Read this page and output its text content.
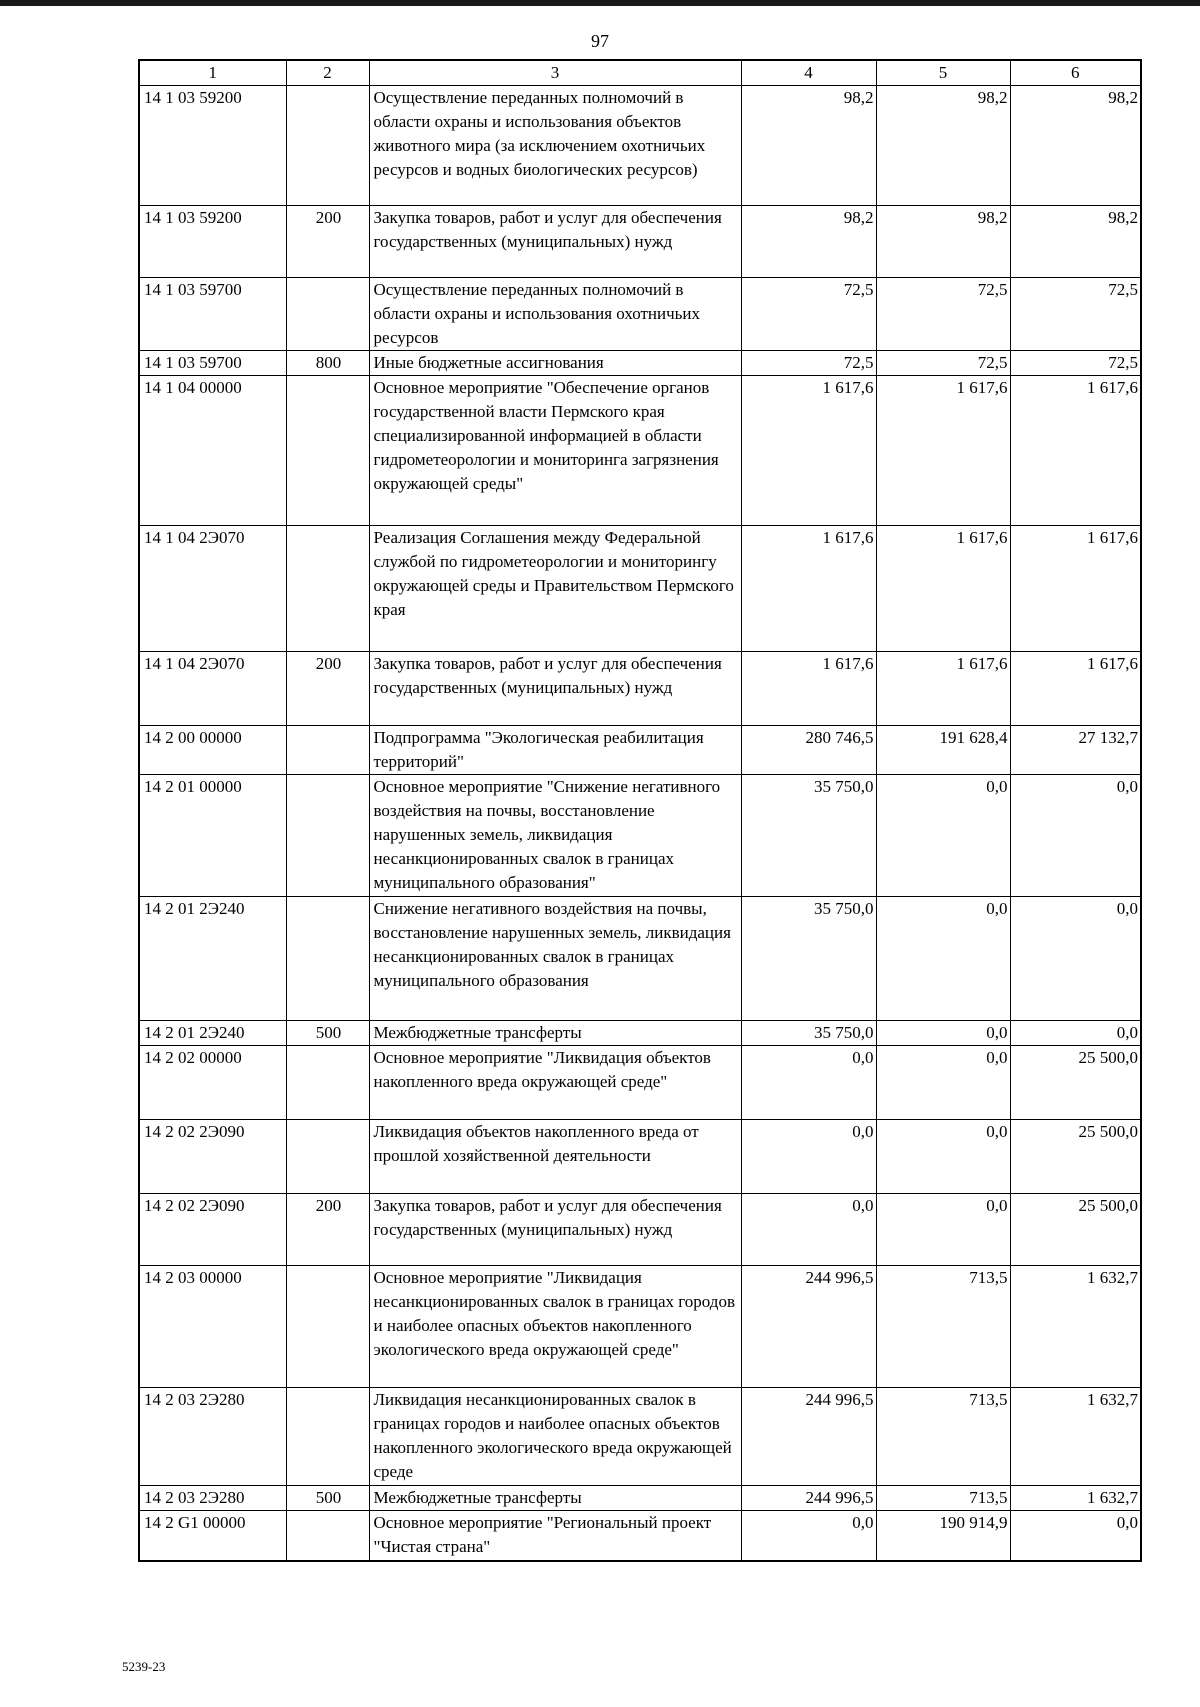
97
1	2	3	4	5	6
14 1 03 59200		Осуществление переданных полномочий в области охраны и использования объектов животного мира (за исключением охотничьих ресурсов и водных биологических ресурсов)	98,2	98,2	98,2
14 1 03 59200	200	Закупка товаров, работ и услуг для обеспечения государственных (муниципальных) нужд	98,2	98,2	98,2
14 1 03 59700		Осуществление переданных полномочий в области охраны и использования охотничьих ресурсов	72,5	72,5	72,5
14 1 03 59700	800	Иные бюджетные ассигнования	72,5	72,5	72,5
14 1 04 00000		Основное мероприятие "Обеспечение органов государственной власти Пермского края специализированной информацией в области гидрометеорологии и мониторинга загрязнения окружающей среды"	1 617,6	1 617,6	1 617,6
14 1 04 2Э070		Реализация Соглашения между Федеральной службой по гидрометеорологии и мониторингу окружающей среды и Правительством Пермского края	1 617,6	1 617,6	1 617,6
14 1 04 2Э070	200	Закупка товаров, работ и услуг для обеспечения государственных (муниципальных) нужд	1 617,6	1 617,6	1 617,6
14 2 00 00000		Подпрограмма "Экологическая реабилитация территорий"	280 746,5	191 628,4	27 132,7
14 2 01 00000		Основное мероприятие "Снижение негативного воздействия на почвы, восстановление нарушенных земель, ликвидация несанкционированных свалок в границах муниципального образования"	35 750,0	0,0	0,0
14 2 01 2Э240		Снижение негативного воздействия на почвы, восстановление нарушенных земель, ликвидация несанкционированных свалок в границах муниципального образования	35 750,0	0,0	0,0
14 2 01 2Э240	500	Межбюджетные трансферты	35 750,0	0,0	0,0
14 2 02 00000		Основное мероприятие "Ликвидация объектов накопленного вреда окружающей среде"	0,0	0,0	25 500,0
14 2 02 2Э090		Ликвидация объектов накопленного вреда от прошлой хозяйственной деятельности	0,0	0,0	25 500,0
14 2 02 2Э090	200	Закупка товаров, работ и услуг для обеспечения государственных (муниципальных) нужд	0,0	0,0	25 500,0
14 2 03 00000		Основное мероприятие "Ликвидация несанкционированных свалок в границах городов и наиболее опасных объектов накопленного экологического вреда окружающей среде"	244 996,5	713,5	1 632,7
14 2 03 2Э280		Ликвидация несанкционированных свалок в границах городов и наиболее опасных объектов накопленного экологического вреда окружающей среде	244 996,5	713,5	1 632,7
14 2 03 2Э280	500	Межбюджетные трансферты	244 996,5	713,5	1 632,7
14 2 G1 00000		Основное мероприятие "Региональный проект "Чистая страна"	0,0	190 914,9	0,0
5239-23
